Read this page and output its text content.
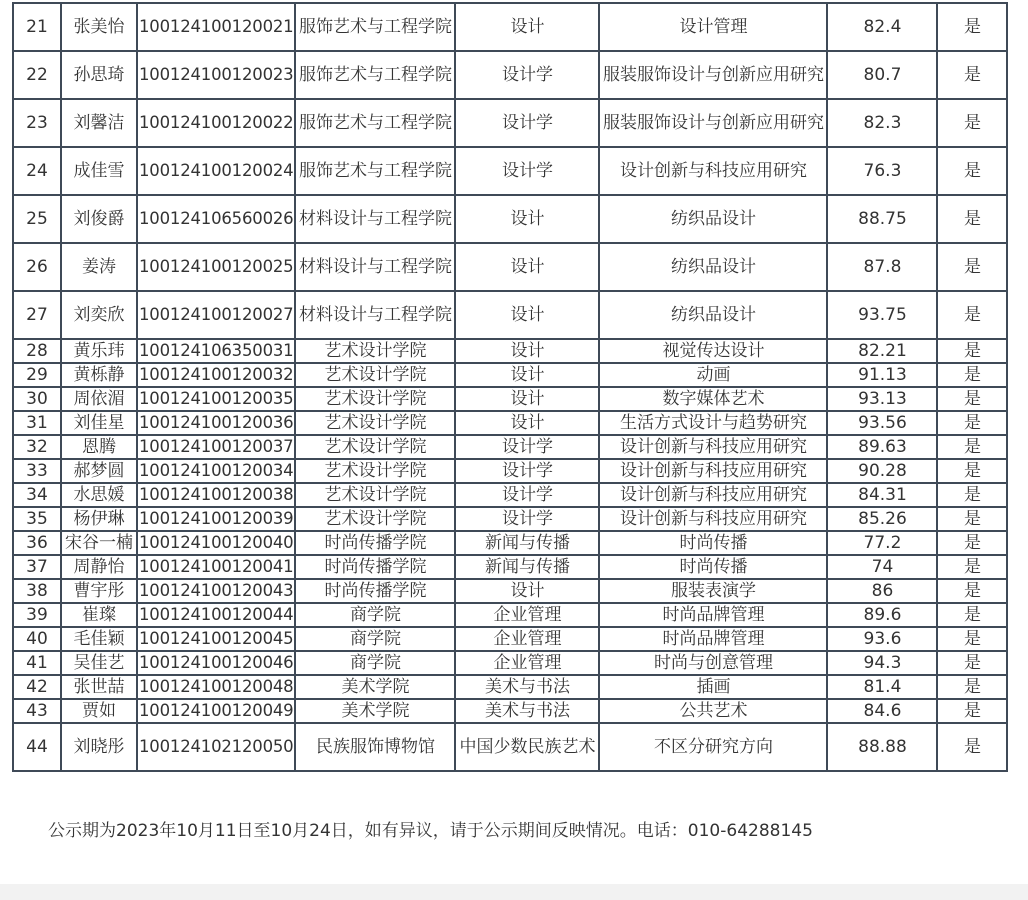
21	张美怡	100124100120021	服饰艺术与工程学院	设计	设计管理	82.4	是
22	孙思琦	100124100120023	服饰艺术与工程学院	设计学	服装服饰设计与创新应用研究	80.7	是
23	刘馨洁	100124100120022	服饰艺术与工程学院	设计学	服装服饰设计与创新应用研究	82.3	是
24	成佳雪	100124100120024	服饰艺术与工程学院	设计学	设计创新与科技应用研究	76.3	是
25	刘俊爵	100124106560026	材料设计与工程学院	设计	纺织品设计	88.75	是
26	姜涛	100124100120025	材料设计与工程学院	设计	纺织品设计	87.8	是
27	刘奕欣	100124100120027	材料设计与工程学院	设计	纺织品设计	93.75	是
28	黄乐玮	100124106350031	艺术设计学院	设计	视觉传达设计	82.21	是
29	黄栎静	100124100120032	艺术设计学院	设计	动画	91.13	是
30	周依湄	100124100120035	艺术设计学院	设计	数字媒体艺术	93.13	是
31	刘佳星	100124100120036	艺术设计学院	设计	生活方式设计与趋势研究	93.56	是
32	恩腾	100124100120037	艺术设计学院	设计学	设计创新与科技应用研究	89.63	是
33	郝梦圆	100124100120034	艺术设计学院	设计学	设计创新与科技应用研究	90.28	是
34	水思媛	100124100120038	艺术设计学院	设计学	设计创新与科技应用研究	84.31	是
35	杨伊琳	100124100120039	艺术设计学院	设计学	设计创新与科技应用研究	85.26	是
36	宋谷一楠	100124100120040	时尚传播学院	新闻与传播	时尚传播	77.2	是
37	周静怡	100124100120041	时尚传播学院	新闻与传播	时尚传播	74	是
38	曹宇彤	100124100120043	时尚传播学院	设计	服装表演学	86	是
39	崔璨	100124100120044	商学院	企业管理	时尚品牌管理	89.6	是
40	毛佳颖	100124100120045	商学院	企业管理	时尚品牌管理	93.6	是
41	吴佳艺	100124100120046	商学院	企业管理	时尚与创意管理	94.3	是
42	张世喆	100124100120048	美术学院	美术与书法	插画	81.4	是
43	贾如	100124100120049	美术学院	美术与书法	公共艺术	84.6	是
44	刘晓彤	100124102120050	民族服饰博物馆	中国少数民族艺术	不区分研究方向	88.88	是
公示期为2023年10月11日至10月24日，如有异议，请于公示期间反映情况。电话：010-64288145
